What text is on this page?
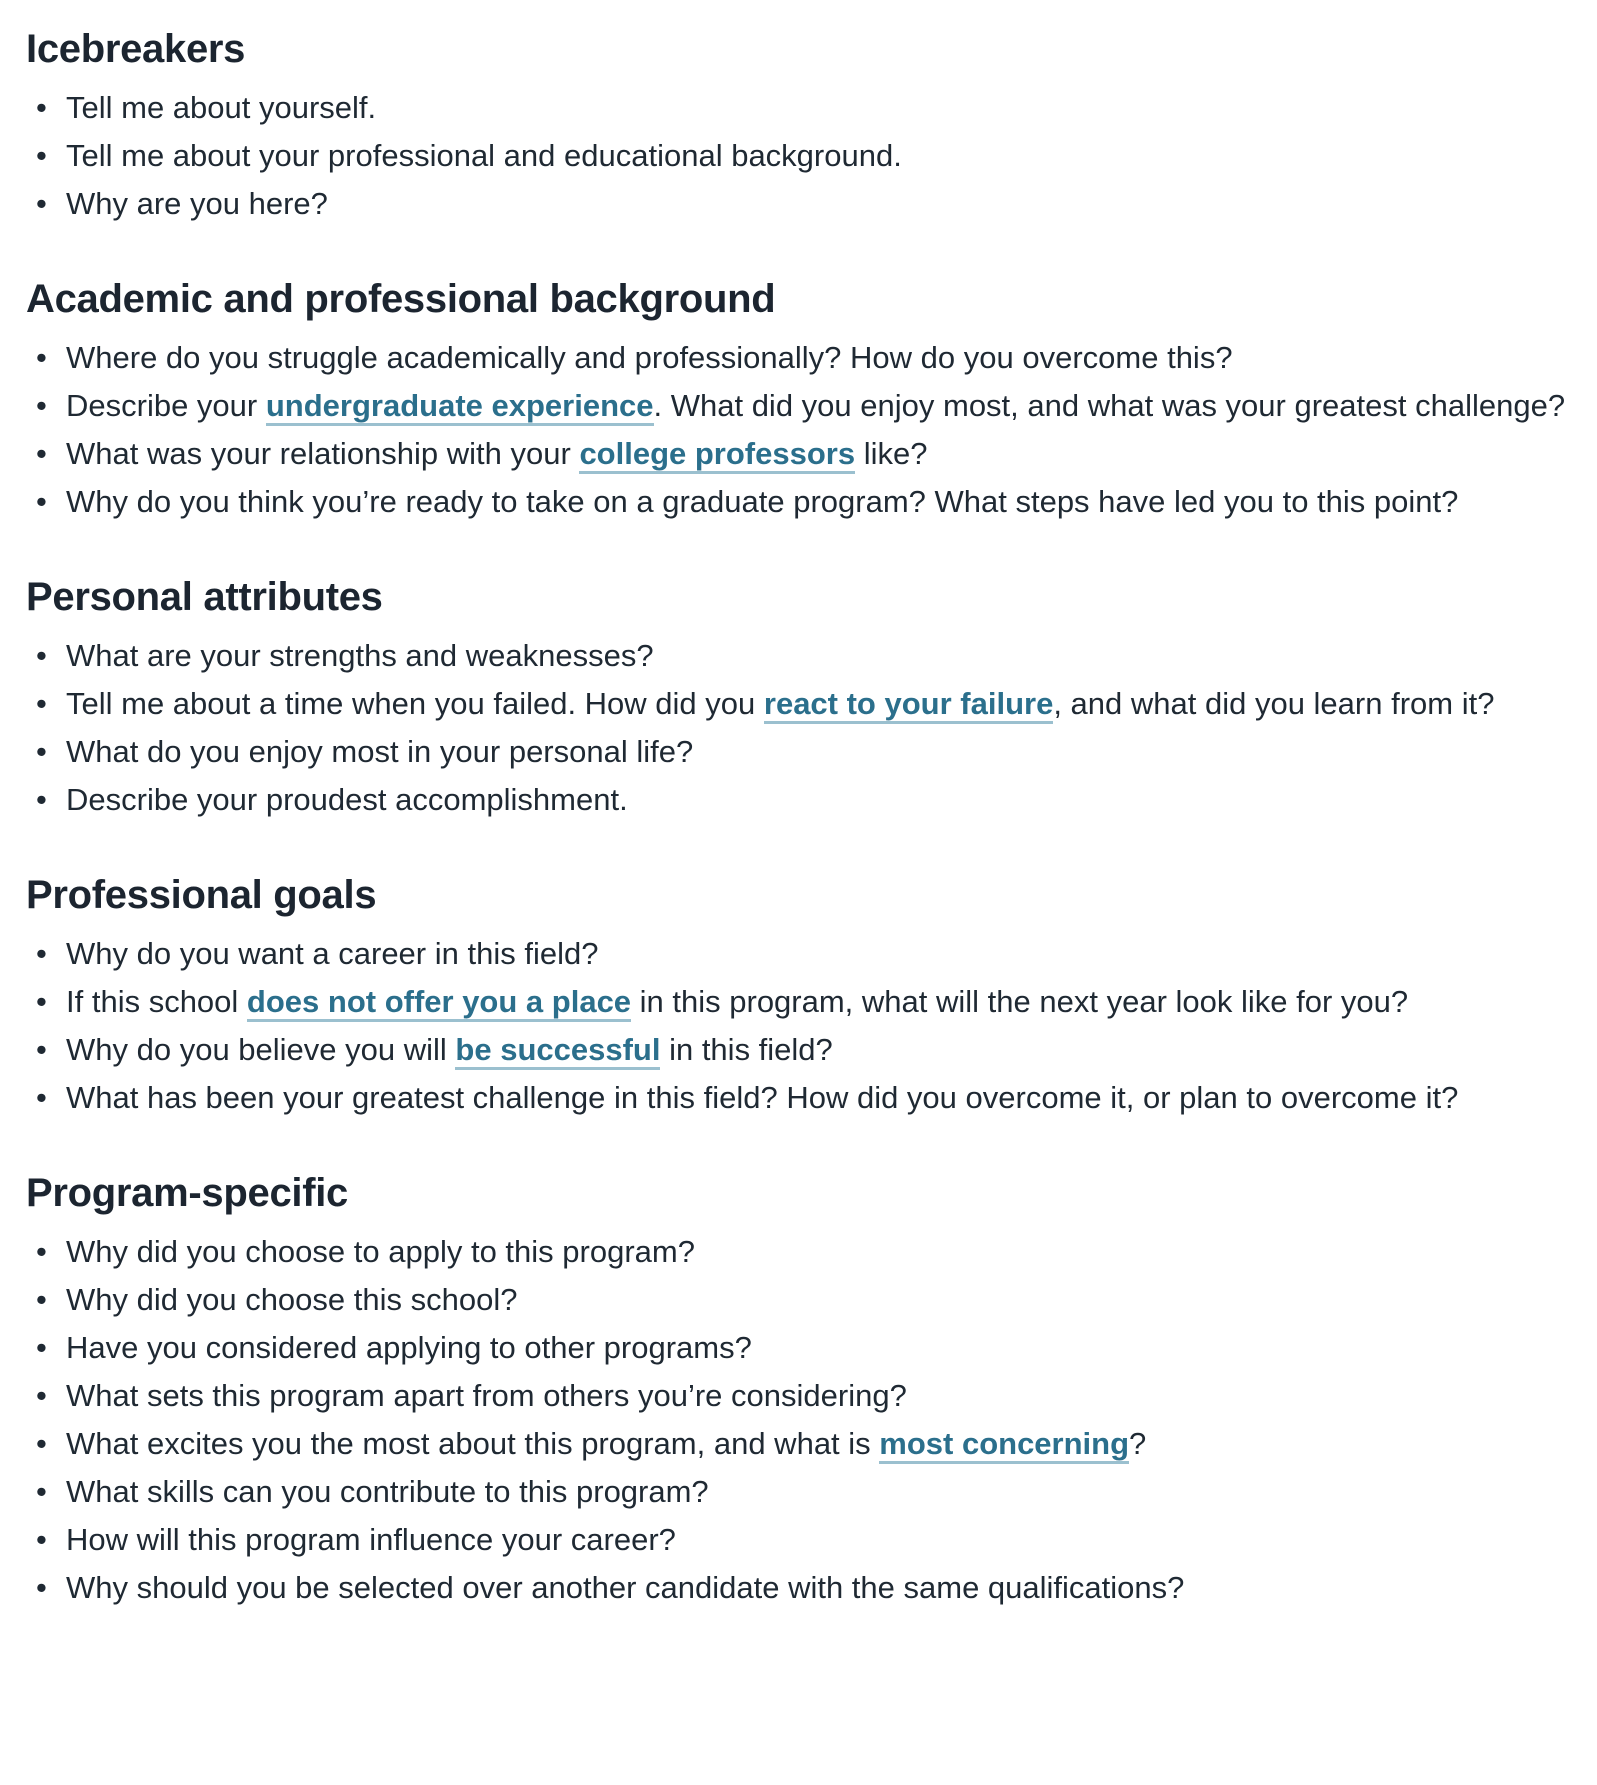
Icebreakers
• Tell me about yourself.
• Tell me about your professional and educational background.
• Why are you here?
Academic and professional background
• Where do you struggle academically and professionally? How do you overcome this?
• Describe your undergraduate experience. What did you enjoy most, and what was your greatest challenge?
• What was your relationship with your college professors like?
• Why do you think you’re ready to take on a graduate program? What steps have led you to this point?
Personal attributes
• What are your strengths and weaknesses?
• Tell me about a time when you failed. How did you react to your failure, and what did you learn from it?
• What do you enjoy most in your personal life?
• Describe your proudest accomplishment.
Professional goals
• Why do you want a career in this field?
• If this school does not offer you a place in this program, what will the next year look like for you?
• Why do you believe you will be successful in this field?
• What has been your greatest challenge in this field? How did you overcome it, or plan to overcome it?
Program-specific
• Why did you choose to apply to this program?
• Why did you choose this school?
• Have you considered applying to other programs?
• What sets this program apart from others you’re considering?
• What excites you the most about this program, and what is most concerning?
• What skills can you contribute to this program?
• How will this program influence your career?
• Why should you be selected over another candidate with the same qualifications?
